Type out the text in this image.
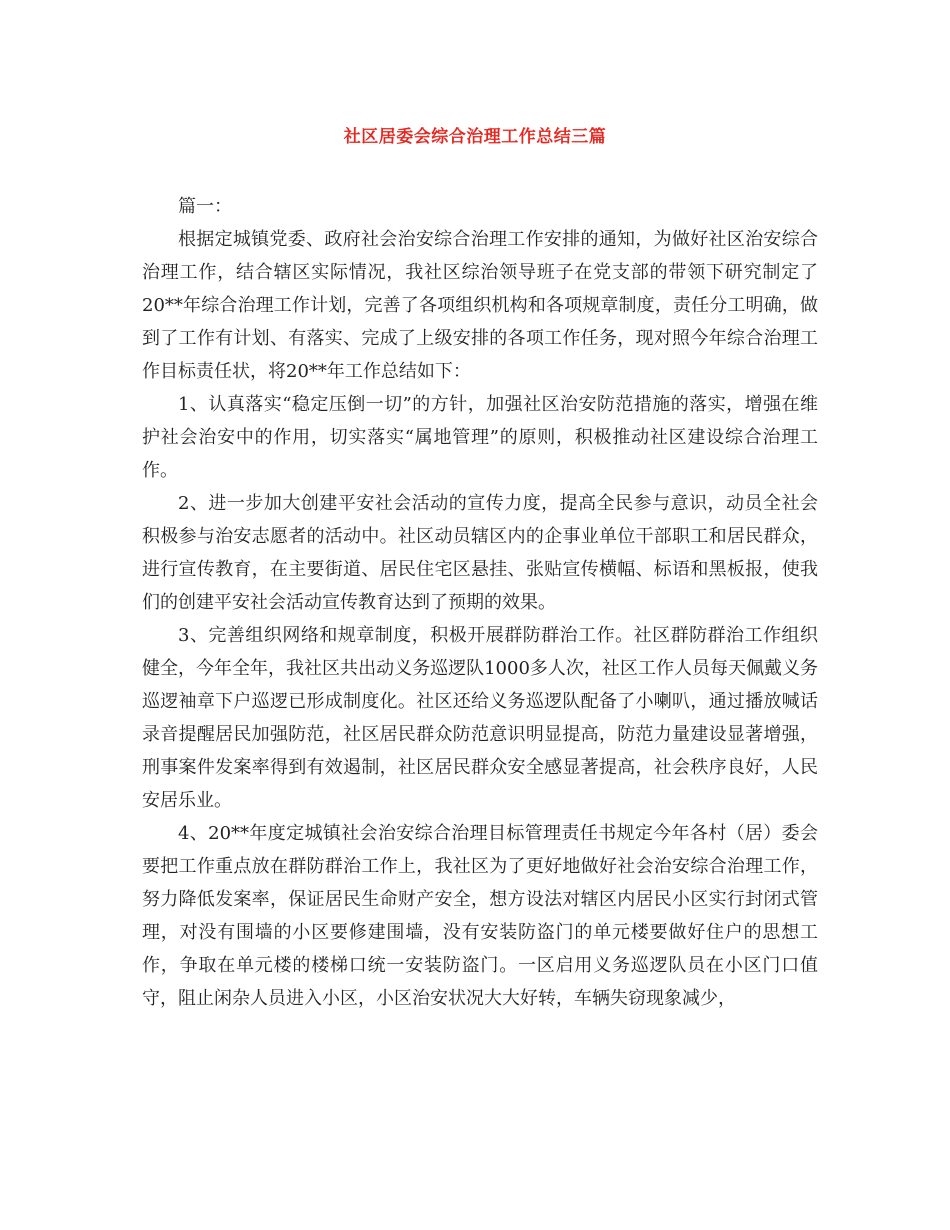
社区居委会综合治理工作总结三篇

篇一：

根据定城镇党委、政府社会治安综合治理工作安排的通知，为做好社区治安综合治理工作，结合辖区实际情况，我社区综治领导班子在党支部的带领下研究制定了20**年综合治理工作计划，完善了各项组织机构和各项规章制度，责任分工明确，做到了工作有计划、有落实、完成了上级安排的各项工作任务，现对照今年综合治理工作目标责任状，将20**年工作总结如下：

1、认真落实“稳定压倒一切”的方针，加强社区治安防范措施的落实，增强在维护社会治安中的作用，切实落实“属地管理”的原则，积极推动社区建设综合治理工作。

2、进一步加大创建平安社会活动的宣传力度，提高全民参与意识，动员全社会积极参与治安志愿者的活动中。社区动员辖区内的企事业单位干部职工和居民群众，进行宣传教育，在主要街道、居民住宅区悬挂、张贴宣传横幅、标语和黑板报，使我们的创建平安社会活动宣传教育达到了预期的效果。

3、完善组织网络和规章制度，积极开展群防群治工作。社区群防群治工作组织健全，今年全年，我社区共出动义务巡逻队1000多人次，社区工作人员每天佩戴义务巡逻袖章下户巡逻已形成制度化。社区还给义务巡逻队配备了小喇叭，通过播放喊话录音提醒居民加强防范，社区居民群众防范意识明显提高，防范力量建设显著增强，刑事案件发案率得到有效遏制，社区居民群众安全感显著提高，社会秩序良好，人民安居乐业。

4、20**年度定城镇社会治安综合治理目标管理责任书规定今年各村（居）委会要把工作重点放在群防群治工作上，我社区为了更好地做好社会治安综合治理工作，努力降低发案率，保证居民生命财产安全，想方设法对辖区内居民小区实行封闭式管理，对没有围墙的小区要修建围墙，没有安装防盗门的单元楼要做好住户的思想工作，争取在单元楼的楼梯口统一安装防盗门。一区启用义务巡逻队员在小区门口值守，阻止闲杂人员进入小区，小区治安状况大大好转，车辆失窃现象减少，
